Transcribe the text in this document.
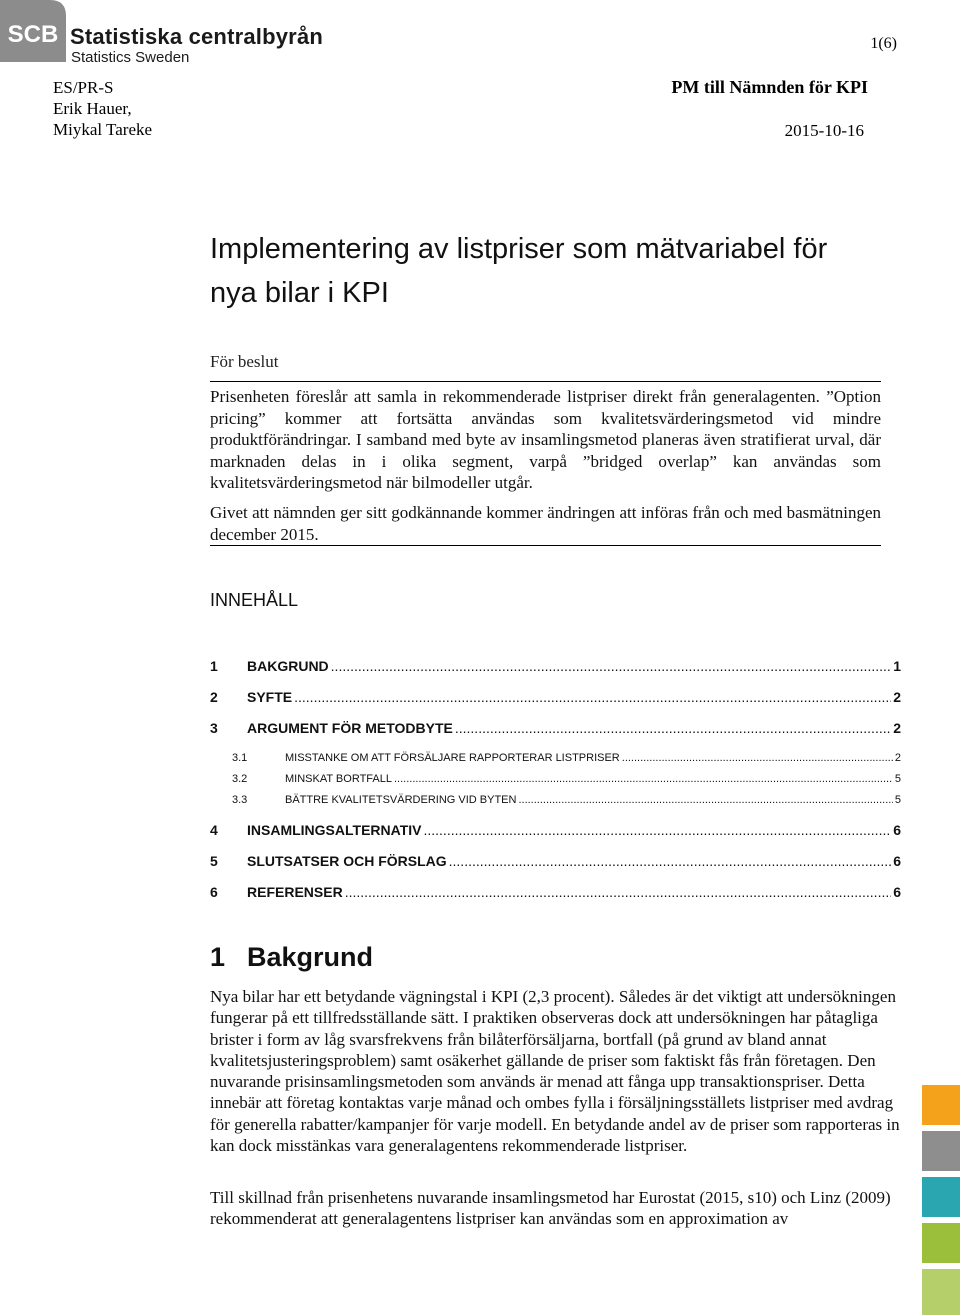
SCB Statistiska centralbyrån
Statistics Sweden
1(6)
ES/PR-S
Erik Hauer,
Miykal Tareke
PM till Nämnden för KPI
2015-10-16
Implementering av listpriser som mätvariabel för
nya bilar i KPI
För beslut
Prisenheten föreslår att samla in rekommenderade listpriser direkt från generalagenten. ”Option pricing” kommer att fortsätta användas som kvalitetsvärderingsmetod vid mindre produktförändringar. I samband med byte av insamlingsmetod planeras även stratifierat urval, där marknaden delas in i olika segment, varpå ”bridged overlap” kan användas som kvalitetsvärderingsmetod när bilmodeller utgår.
Givet att nämnden ger sitt godkännande kommer ändringen att införas från och med basmätningen december 2015.
INNEHÅLL
1	BAKGRUND .....	1
2	SYFTE .....	2
3	ARGUMENT FÖR METODBYTE .....	2
3.1	MISSTANKE OM ATT FÖRSÄLJARE RAPPORTERAR LISTPRISER .....	2
3.2	MINSKAT BORTFALL .....	5
3.3	BÄTTRE KVALITETSVÄRDERING VID BYTEN .....	5
4	INSAMLINGSALTERNATIV .....	6
5	SLUTSATSER OCH FÖRSLAG .....	6
6	REFERENSER .....	6
1 Bakgrund
Nya bilar har ett betydande vägningstal i KPI (2,3 procent). Således är det viktigt att undersökningen fungerar på ett tillfredsställande sätt. I praktiken observeras dock att undersökningen har påtagliga brister i form av låg svarsfrekvens från bilåterförsäljarna, bortfall (på grund av bland annat kvalitetsjusteringsproblem) samt osäkerhet gällande de priser som faktiskt fås från företagen. Den nuvarande prisinsamlingsmetoden som används är menad att fånga upp transaktionspriser. Detta innebär att företag kontaktas varje månad och ombes fylla i försäljningsställets listpriser med avdrag för generella rabatter/kampanjer för varje modell. En betydande andel av de priser som rapporteras in kan dock misstänkas vara generalagentens rekommenderade listpriser.
Till skillnad från prisenhetens nuvarande insamlingsmetod har Eurostat (2015, s10) och Linz (2009) rekommenderat att generalagentens listpriser kan användas som en approximation av
